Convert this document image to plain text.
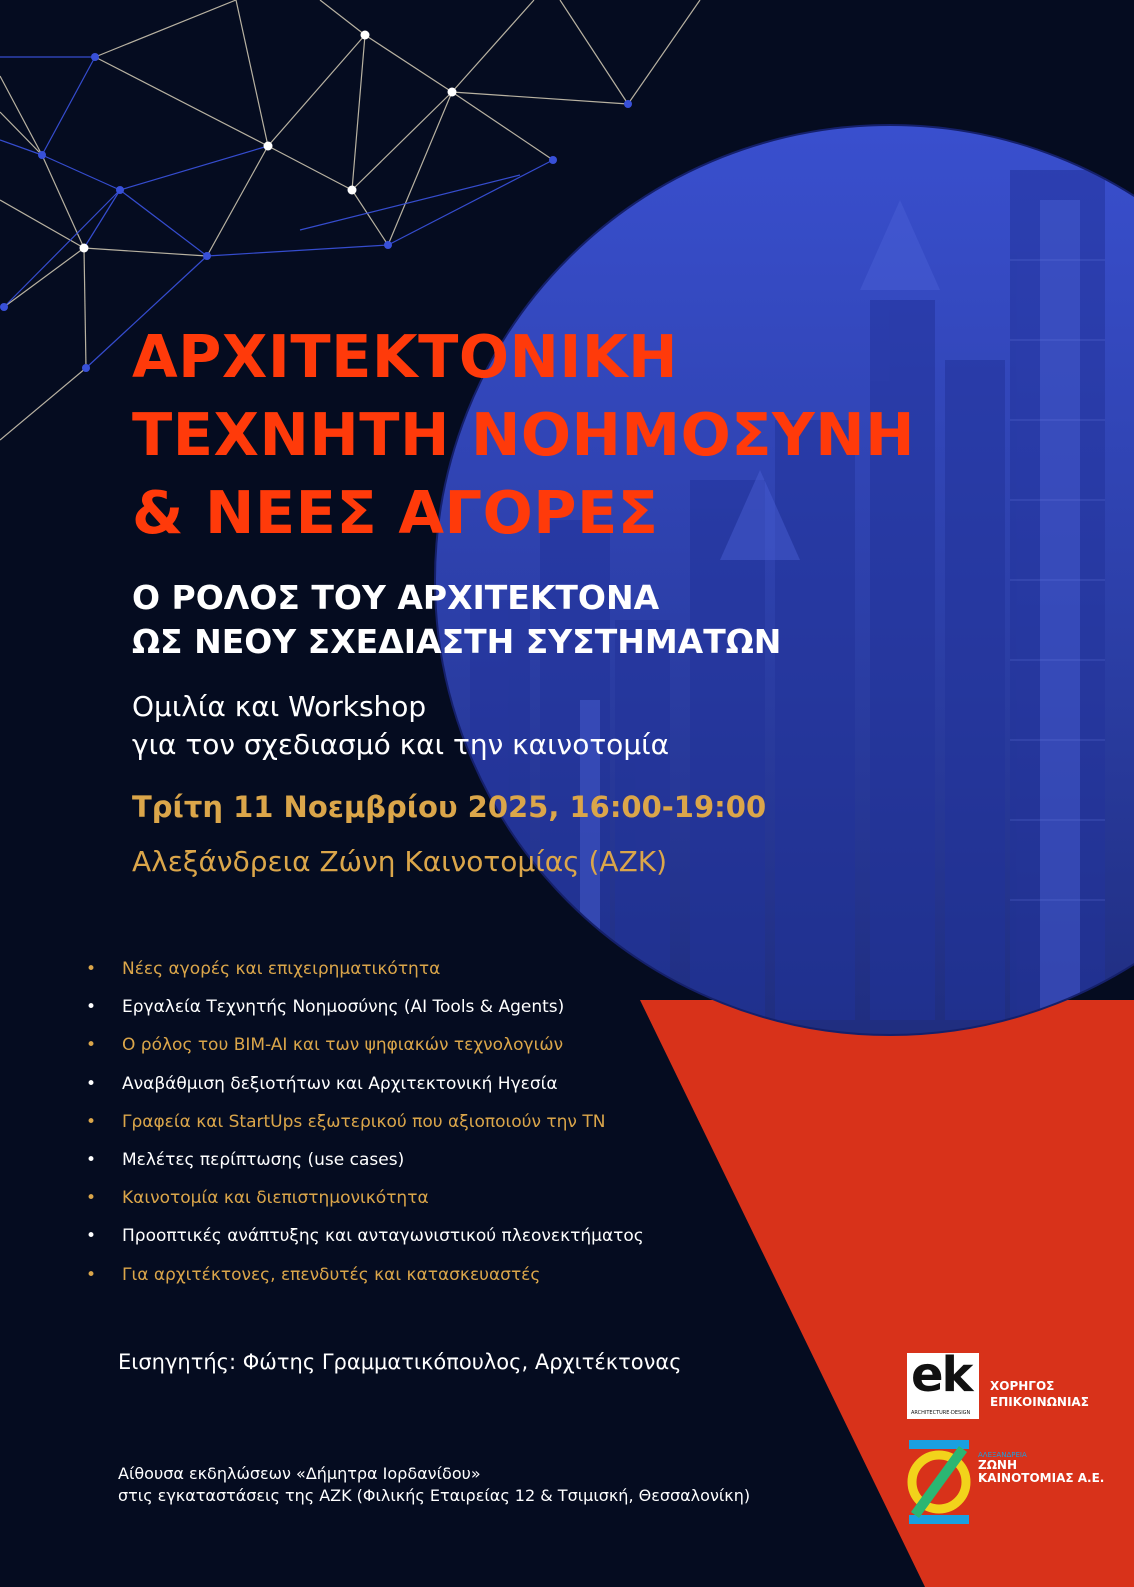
ΑΡΧΙΤΕΚΤΟΝΙΚΗ
ΤΕΧΝΗΤΗ ΝΟΗΜΟΣΥΝΗ
& ΝΕΕΣ ΑΓΟΡΕΣ
Ο ΡΟΛΟΣ ΤΟΥ ΑΡΧΙΤΕΚΤΟΝΑ
ΩΣ ΝΕΟΥ ΣΧΕΔΙΑΣΤΗ ΣΥΣΤΗΜΑΤΩΝ

Ομιλία και Workshop
για τον σχεδιασμό και την καινοτομία

Τρίτη 11 Νοεμβρίου 2025, 16:00-19:00
Αλεξάνδρεια Ζώνη Καινοτομίας (ΑΖΚ)
• Νέες αγορές και επιχειρηματικότητα
• Εργαλεία Τεχνητής Νοημοσύνης (AI Tools & Agents)
• Ο ρόλος του BIM-AI και των ψηφιακών τεχνολογιών
• Αναβάθμιση δεξιοτήτων και Αρχιτεκτονική Ηγεσία
• Γραφεία και StartUps εξωτερικού που αξιοποιούν την ΤΝ
• Μελέτες περίπτωσης (use cases)
• Καινοτομία και διεπιστημονικότητα
• Προοπτικές ανάπτυξης και ανταγωνιστικού πλεονεκτήματος
• Για αρχιτέκτονες, επενδυτές και κατασκευαστές
Εισηγητής: Φώτης Γραμματικόπουλος, Αρχιτέκτονας
Αίθουσα εκδηλώσεων «Δήμητρα Ιορδανίδου»
στις εγκαταστάσεις της ΑΖΚ (Φιλικής Εταιρείας 12 & Τσιμισκή, Θεσσαλονίκη)
ek
ARCHITECTURE·DESIGN
ΧΟΡΗΓΟΣ
ΕΠΙΚΟΙΝΩΝΙΑΣ
ΑΛΕΞΑΝΔΡΕΙΑ
ΖΩΝΗ
ΚΑΙΝΟΤΟΜΙΑΣ Α.Ε.
